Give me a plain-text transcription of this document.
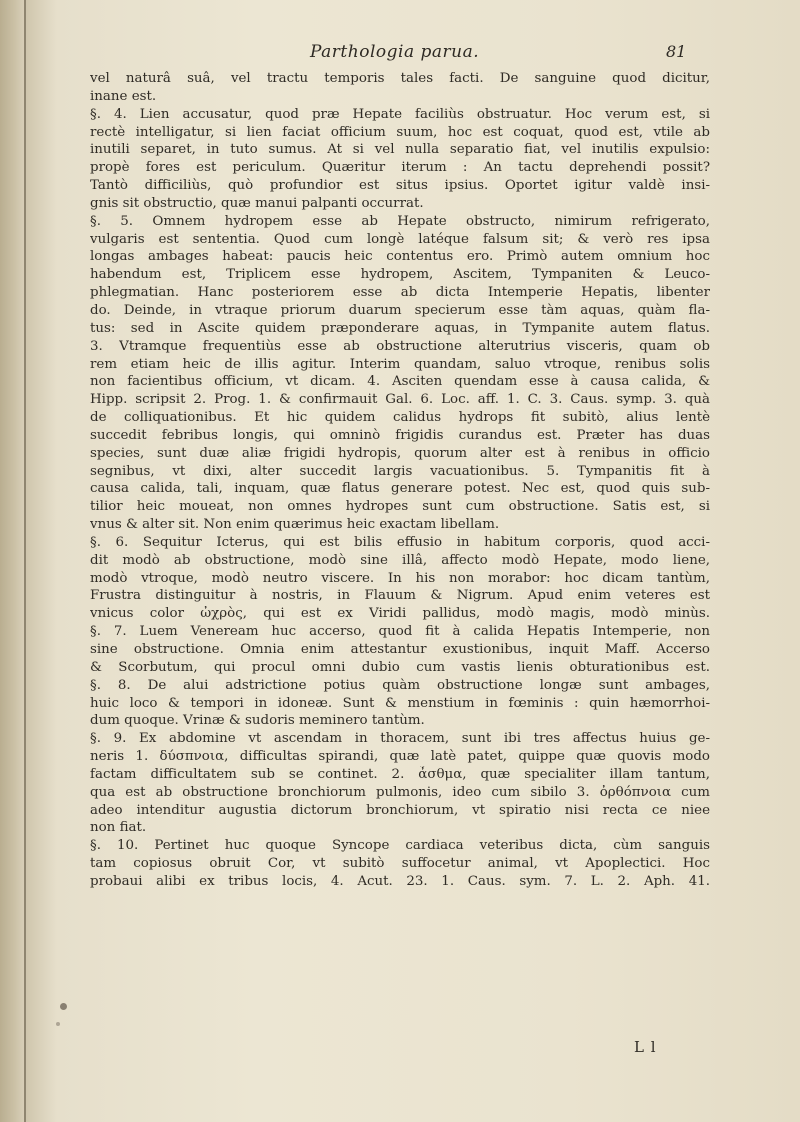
Parthologia parua.	81
vel naturâ suâ, vel tractu temporis tales facti. De sanguine quod dicitur,
inane est.
§. 4. Lien accusatur, quod præ Hepate faciliùs obstruatur. Hoc verum est, si
rectè intelligatur, si lien faciat officium suum, hoc est coquat, quod est, vtile ab
inutili separet, in tuto sumus. At si vel nulla separatio fiat, vel inutilis expulsio:
propè fores est periculum. Quæritur iterum : An tactu deprehendi possit?
Tantò difficiliùs, quò profundior est situs ipsius. Oportet igitur valdè insi-
gnis sit obstructio, quæ manui palpanti occurrat.
§. 5. Omnem hydropem esse ab Hepate obstructo, nimirum refrigerato,
vulgaris est sententia. Quod cum longè latéque falsum sit; & verò res ipsa
longas ambages habeat: paucis heic contentus ero. Primò autem omnium hoc
habendum est, Triplicem esse hydropem, Ascitem, Tympaniten & Leuco-
phlegmatian. Hanc posteriorem esse ab dicta Intemperie Hepatis, libenter
do. Deinde, in vtraque priorum duarum specierum esse tàm aquas, quàm fla-
tus: sed in Ascite quidem præponderare aquas, in Tympanite autem flatus.
3. Vtramque frequentiùs esse ab obstructione alterutrius visceris, quam ob
rem etiam heic de illis agitur. Interim quandam, saluo vtroque, renibus solis
non facientibus officium, vt dicam. 4. Asciten quendam esse à causa calida, &
Hipp. scripsit 2. Prog. 1. & confirmauit Gal. 6. Loc. aff. 1. C. 3. Caus. symp. 3. quà
de colliquationibus. Et hic quidem calidus hydrops fit subitò, alius lentè
succedit febribus longis, qui omninò frigidis curandus est. Præter has duas
species, sunt duæ aliæ frigidi hydropis, quorum alter est à renibus in officio
segnibus, vt dixi, alter succedit largis vacuationibus. 5. Tympanitis fit à
causa calida, tali, inquam, quæ flatus generare potest. Nec est, quod quis sub-
tilior heic moueat, non omnes hydropes sunt cum obstructione. Satis est, si
vnus & alter sit. Non enim quærimus heic exactam libellam.
§. 6. Sequitur Icterus, qui est bilis effusio in habitum corporis, quod acci-
dit modò ab obstructione, modò sine illâ, affecto modò Hepate, modo liene,
modò vtroque, modò neutro viscere. In his non morabor: hoc dicam tantùm,
Frustra distinguitur à nostris, in Flauum & Nigrum. Apud enim veteres est
vnicus color ὠχρὸς, qui est ex Viridi pallidus, modò magis, modò minùs.
§. 7. Luem Veneream huc accerso, quod fit à calida Hepatis Intemperie, non
sine obstructione. Omnia enim attestantur exustionibus, inquit Maff. Accerso
& Scorbutum, qui procul omni dubio cum vastis lienis obturationibus est.
§. 8. De alui adstrictione potius quàm obstructione longæ sunt ambages,
huic loco & tempori in idoneæ. Sunt & menstium in fœminis : quin hæmorrhoi-
dum quoque. Vrinæ & sudoris meminero tantùm.
§. 9. Ex abdomine vt ascendam in thoracem, sunt ibi tres affectus huius ge-
neris 1. δύσπνοια, difficultas spirandi, quæ latè patet, quippe quæ quovis modo
factam difficultatem sub se continet. 2. ἆσθμα, quæ specialiter illam tantum,
qua est ab obstructione bronchiorum pulmonis, ideo cum sibilo 3. ὀρθόπνοια cum
adeo intenditur augustia dictorum bronchiorum, vt spiratio nisi recta ce niee
non fiat.
§. 10. Pertinet huc quoque Syncope cardiaca veteribus dicta, cùm sanguis
tam copiosus obruit Cor, vt subitò suffocetur animal, vt Apoplectici. Hoc
probaui alibi ex tribus locis, 4. Acut. 23. 1. Caus. sym. 7. L. 2. Aph. 41.
L l
